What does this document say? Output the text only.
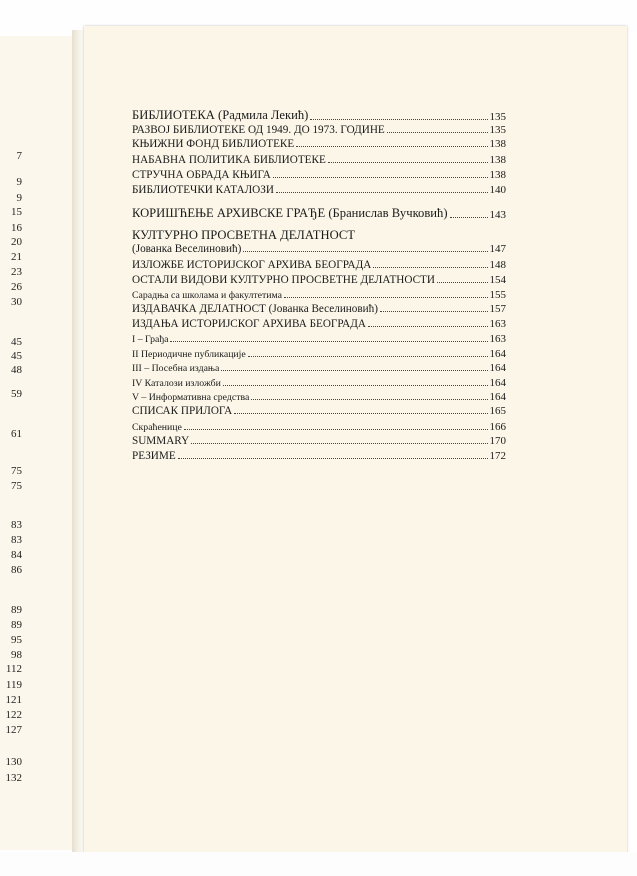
7
9
9
15
16
20
21
23
26
30
45
45
48
59
61
75
75
83
83
84
86
89
89
95
98
112
119
121
122
127
130
132
БИБЛИОТЕКА (Радмила Лекић)	135
РАЗВОЈ БИБЛИОТЕКЕ ОД 1949. ДО 1973. ГОДИНЕ	135
КЊИЖНИ ФОНД БИБЛИОТЕКЕ	138
НАБАВНА ПОЛИТИКА БИБЛИОТЕКЕ	138
СТРУЧНА ОБРАДА КЊИГА	138
БИБЛИОТЕЧКИ КАТАЛОЗИ	140
КОРИШЋЕЊЕ АРХИВСКЕ ГРАЂЕ (Бранислав Вучковић)	143
КУЛТУРНО ПРОСВЕТНА ДЕЛАТНОСТ
(Јованка Веселиновић)	147
ИЗЛОЖБЕ ИСТОРИЈСКОГ АРХИВА БЕОГРАДА	148
ОСТАЛИ ВИДОВИ КУЛТУРНО ПРОСВЕТНЕ ДЕЛАТНОСТИ	154
Сарадња са школама и факултетима	155
ИЗДАВАЧКА ДЕЛАТНОСТ (Јованка Веселиновић)	157
ИЗДАЊА ИСТОРИЈСКОГ АРХИВА БЕОГРАДА	163
I – Грађа	163
II Периодичне публикације	164
III – Посебна издања	164
IV Каталози изложби	164
V – Информативна средства	164
СПИСАК ПРИЛОГА	165
Скраћенице	166
SUMMARY	170
РЕЗИМЕ	172
